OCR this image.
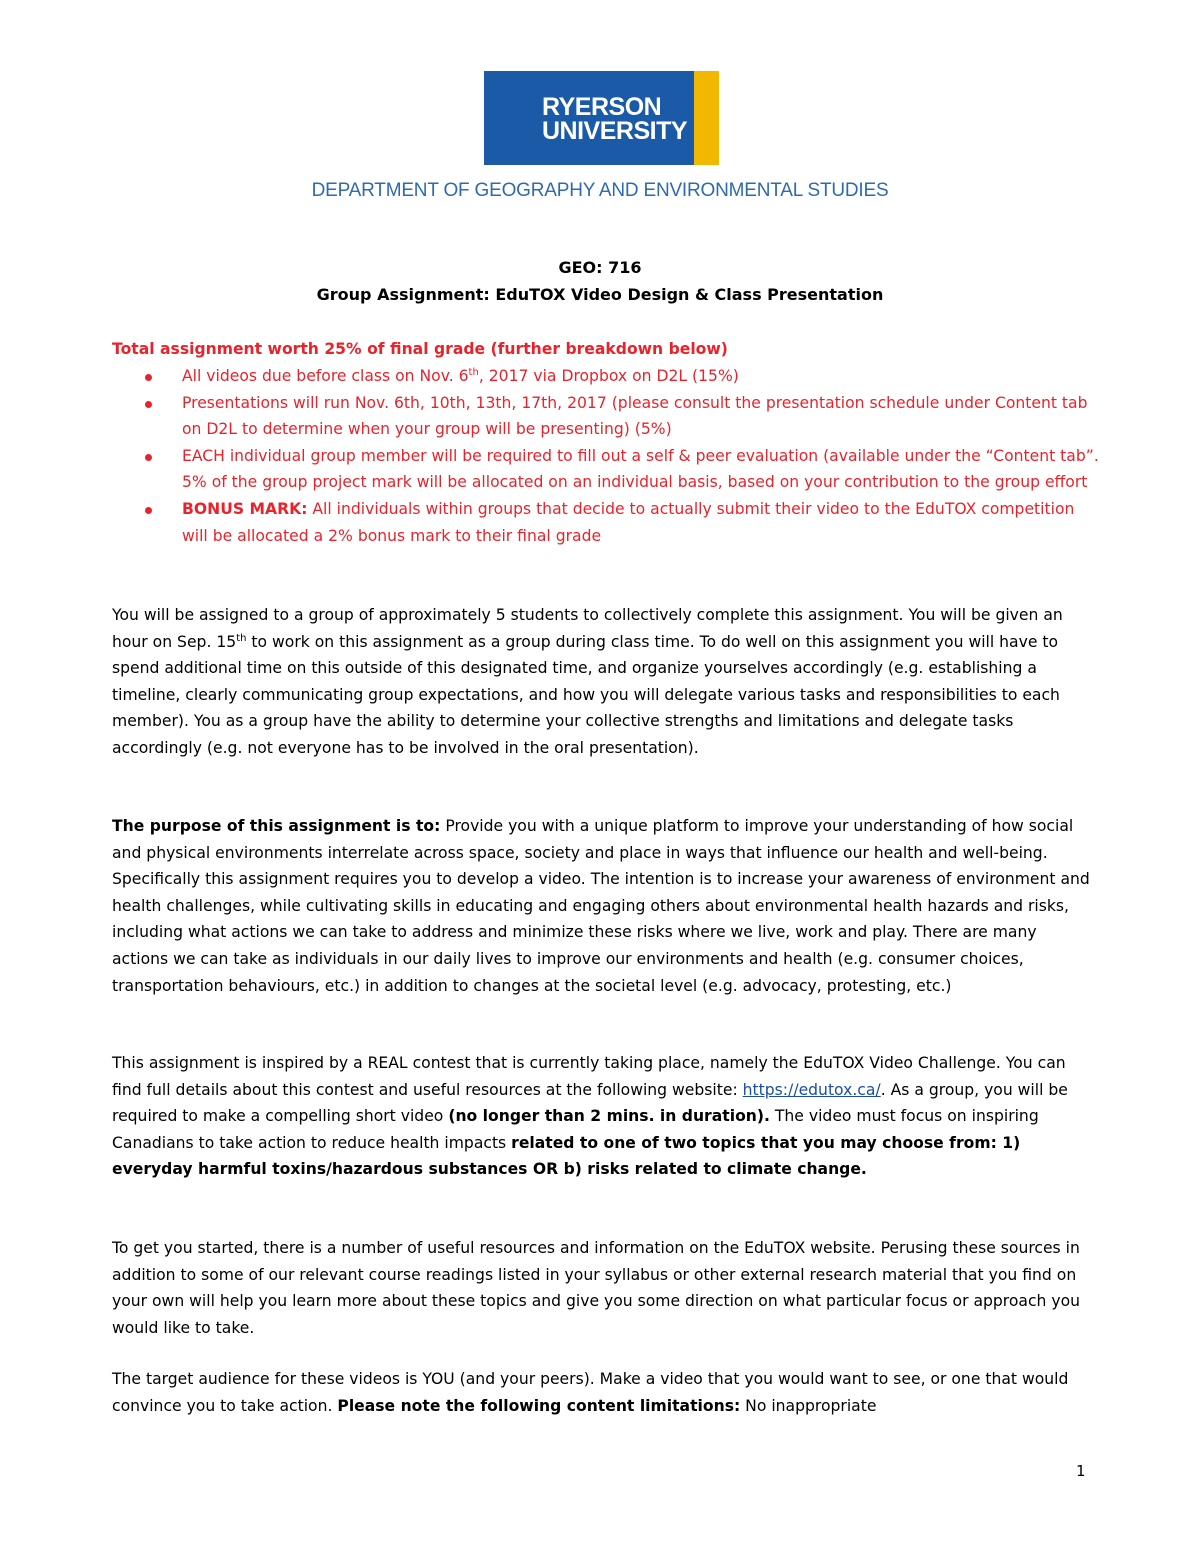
RYERSON
UNIVERSITY
DEPARTMENT OF GEOGRAPHY AND ENVIRONMENTAL STUDIES
GEO: 716
Group Assignment: EduTOX Video Design & Class Presentation
Total assignment worth 25% of final grade (further breakdown below)
All videos due before class on Nov. 6th, 2017 via Dropbox on D2L (15%)
Presentations will run Nov. 6th, 10th, 13th, 17th, 2017 (please consult the presentation schedule under Content tab on D2L to determine when your group will be presenting) (5%)
EACH individual group member will be required to fill out a self & peer evaluation (available under the “Content tab”. 5% of the group project mark will be allocated on an individual basis, based on your contribution to the group effort
BONUS MARK: All individuals within groups that decide to actually submit their video to the EduTOX competition will be allocated a 2% bonus mark to their final grade
You will be assigned to a group of approximately 5 students to collectively complete this assignment. You will be given an hour on Sep. 15th to work on this assignment as a group during class time. To do well on this assignment you will have to spend additional time on this outside of this designated time, and organize yourselves accordingly (e.g. establishing a timeline, clearly communicating group expectations, and how you will delegate various tasks and responsibilities to each member). You as a group have the ability to determine your collective strengths and limitations and delegate tasks accordingly (e.g. not everyone has to be involved in the oral presentation).
The purpose of this assignment is to: Provide you with a unique platform to improve your understanding of how social and physical environments interrelate across space, society and place in ways that influence our health and well-being. Specifically this assignment requires you to develop a video. The intention is to increase your awareness of environment and health challenges, while cultivating skills in educating and engaging others about environmental health hazards and risks, including what actions we can take to address and minimize these risks where we live, work and play. There are many actions we can take as individuals in our daily lives to improve our environments and health (e.g. consumer choices, transportation behaviours, etc.) in addition to changes at the societal level (e.g. advocacy, protesting, etc.)
This assignment is inspired by a REAL contest that is currently taking place, namely the EduTOX Video Challenge. You can find full details about this contest and useful resources at the following website: https://edutox.ca/. As a group, you will be required to make a compelling short video (no longer than 2 mins. in duration). The video must focus on inspiring Canadians to take action to reduce health impacts related to one of two topics that you may choose from: 1) everyday harmful toxins/hazardous substances OR b) risks related to climate change.
To get you started, there is a number of useful resources and information on the EduTOX website. Perusing these sources in addition to some of our relevant course readings listed in your syllabus or other external research material that you find on your own will help you learn more about these topics and give you some direction on what particular focus or approach you would like to take.
The target audience for these videos is YOU (and your peers). Make a video that you would want to see, or one that would convince you to take action. Please note the following content limitations: No inappropriate
1
